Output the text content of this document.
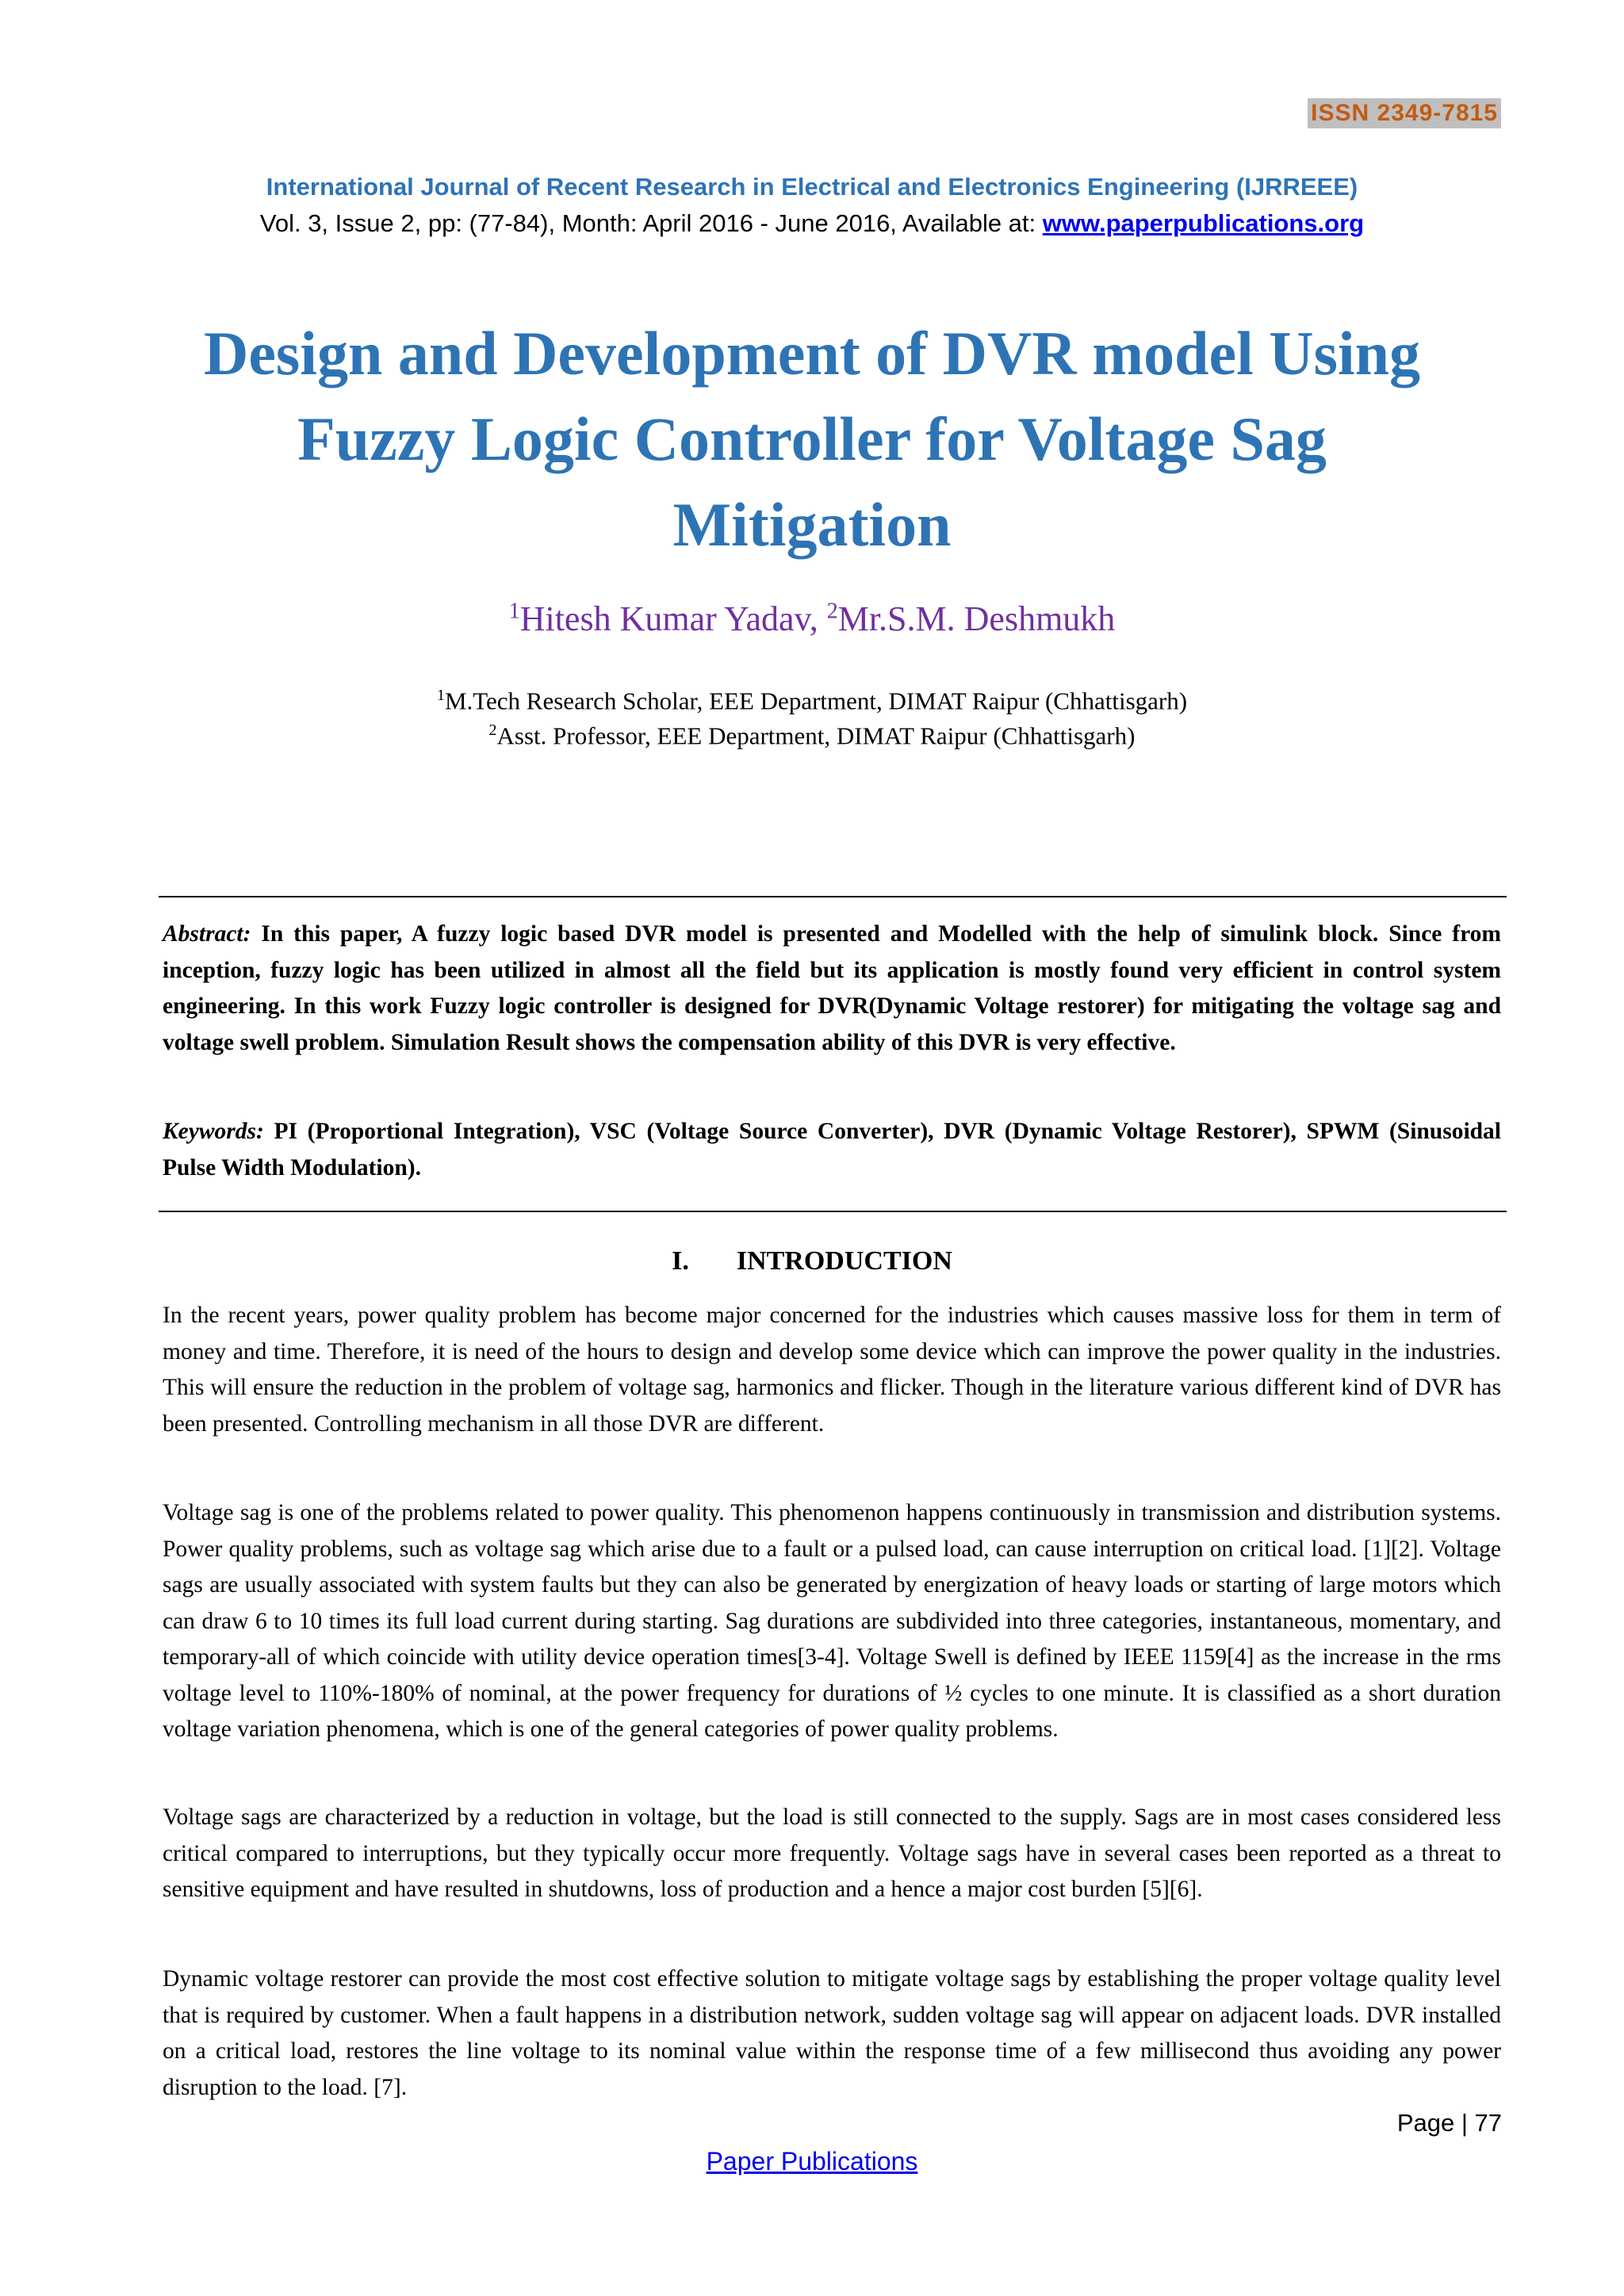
ISSN 2349-7815
International Journal of Recent Research in Electrical and Electronics Engineering (IJRREEE)
Vol. 3, Issue 2, pp: (77-84), Month: April 2016 - June 2016, Available at: www.paperpublications.org
Design and Development of DVR model Using Fuzzy Logic Controller for Voltage Sag Mitigation
$^1$Hitesh Kumar Yadav, $^2$Mr.S.M. Deshmukh
$^1$M.Tech Research Scholar, EEE Department, DIMAT Raipur (Chhattisgarh)
$^2$Asst. Professor, EEE Department, DIMAT Raipur (Chhattisgarh)
Abstract: In this paper, A fuzzy logic based DVR model is presented and Modelled with the help of simulink block. Since from inception, fuzzy logic has been utilized in almost all the field but its application is mostly found very efficient in control system engineering. In this work Fuzzy logic controller is designed for DVR(Dynamic Voltage restorer) for mitigating the voltage sag and voltage swell problem. Simulation Result shows the compensation ability of this DVR is very effective.
Keywords: PI (Proportional Integration), VSC (Voltage Source Converter), DVR (Dynamic Voltage Restorer), SPWM (Sinusoidal Pulse Width Modulation).
I. INTRODUCTION

In the recent years, power quality problem has become major concerned for the industries which causes massive loss for them in term of money and time. Therefore, it is need of the hours to design and develop some device which can improve the power quality in the industries. This will ensure the reduction in the problem of voltage sag, harmonics and flicker. Though in the literature various different kind of DVR has been presented. Controlling mechanism in all those DVR are different.

Voltage sag is one of the problems related to power quality. This phenomenon happens continuously in transmission and distribution systems. Power quality problems, such as voltage sag which arise due to a fault or a pulsed load, can cause interruption on critical load. [1][2]. Voltage sags are usually associated with system faults but they can also be generated by energization of heavy loads or starting of large motors which can draw 6 to 10 times its full load current during starting. Sag durations are subdivided into three categories, instantaneous, momentary, and temporary-all of which coincide with utility device operation times[3-4]. Voltage Swell is defined by IEEE 1159[4] as the increase in the rms voltage level to 110%-180% of nominal, at the power frequency for durations of ½ cycles to one minute. It is classified as a short duration voltage variation phenomena, which is one of the general categories of power quality problems.

Voltage sags are characterized by a reduction in voltage, but the load is still connected to the supply. Sags are in most cases considered less critical compared to interruptions, but they typically occur more frequently. Voltage sags have in several cases been reported as a threat to sensitive equipment and have resulted in shutdowns, loss of production and a hence a major cost burden [5][6].

Dynamic voltage restorer can provide the most cost effective solution to mitigate voltage sags by establishing the proper voltage quality level that is required by customer. When a fault happens in a distribution network, sudden voltage sag will appear on adjacent loads. DVR installed on a critical load, restores the line voltage to its nominal value within the response time of a few millisecond thus avoiding any power disruption to the load. [7].

Page | 77
Paper Publications
